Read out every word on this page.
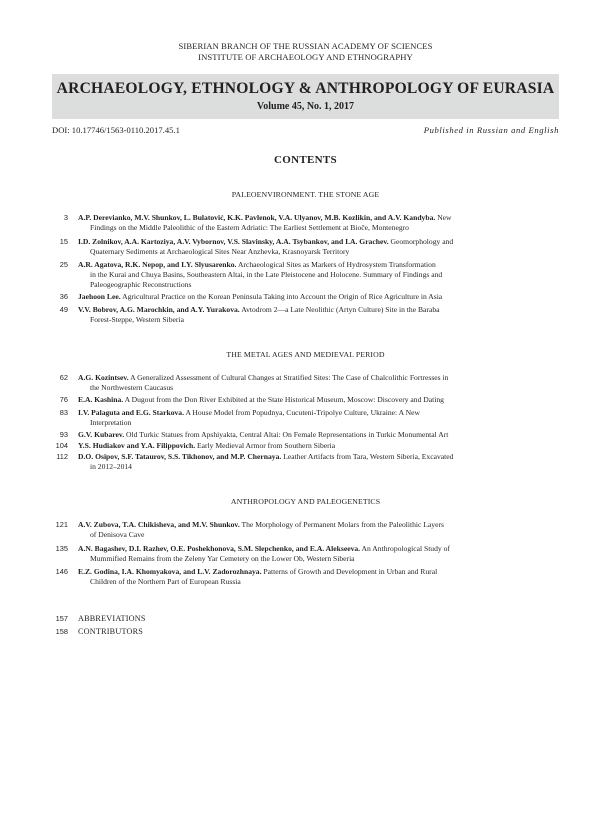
SIBERIAN BRANCH OF THE RUSSIAN ACADEMY OF SCIENCES
INSTITUTE OF ARCHAEOLOGY AND ETHNOGRAPHY
ARCHAEOLOGY, ETHNOLOGY & ANTHROPOLOGY OF EURASIA
Volume 45, No. 1, 2017
DOI: 10.17746/1563-0110.2017.45.1	Published in Russian and English
CONTENTS
PALEOENVIRONMENT. THE STONE AGE
3 A.P. Derevianko, M.V. Shunkov, L. Bulatović, K.K. Pavlenok, V.A. Ulyanov, M.B. Kozlikin, and A.V. Kandyba. New
Findings on the Middle Paleolithic of the Eastern Adriatic: The Earliest Settlement at Bioče, Montenegro
15 I.D. Zolnikov, A.A. Kartoziya, A.V. Vybornov, V.S. Slavinsky, A.A. Tsybankov, and I.A. Grachev. Geomorphology and
Quaternary Sediments at Archaeological Sites Near Anzhevka, Krasnoyarsk Territory
25 A.R. Agatova, R.K. Nepop, and I.Y. Slyusarenko. Archaeological Sites as Markers of Hydrosystem Transformation
in the Kurai and Chuya Basins, Southeastern Altai, in the Late Pleistocene and Holocene. Summary of Findings and
Paleogeographic Reconstructions
36 Jaehoon Lee. Agricultural Practice on the Korean Peninsula Taking into Account the Origin of Rice Agriculture in Asia
49 V.V. Bobrov, A.G. Marochkin, and A.Y. Yurakova. Avtodrom 2—a Late Neolithic (Artyn Culture) Site in the Baraba
Forest-Steppe, Western Siberia
THE METAL AGES AND MEDIEVAL PERIOD
62 A.G. Kozintsev. A Generalized Assessment of Cultural Changes at Stratified Sites: The Case of Chalcolithic Fortresses in
the Northwestern Caucasus
76 E.A. Kashina. A Dugout from the Don River Exhibited at the State Historical Museum, Moscow: Discovery and Dating
83 I.V. Palaguta and E.G. Starkova. A House Model from Popudnya, Cucuteni-Tripolye Culture, Ukraine: A New
Interpretation
93 G.V. Kubarev. Old Turkic Statues from Apshiyakta, Central Altai: On Female Representations in Turkic Monumental Art
104 Y.S. Hudiakov and Y.A. Filippovich. Early Medieval Armor from Southern Siberia
112 D.O. Osipov, S.F. Tataurov, S.S. Tikhonov, and M.P. Chernaya. Leather Artifacts from Tara, Western Siberia, Excavated
in 2012–2014
ANTHROPOLOGY AND PALEOGENETICS
121 A.V. Zubova, T.A. Chikisheva, and M.V. Shunkov. The Morphology of Permanent Molars from the Paleolithic Layers
of Denisova Cave
135 A.N. Bagashev, D.I. Razhev, O.E. Poshekhonova, S.M. Slepchenko, and E.A. Alekseeva. An Anthropological Study of
Mummified Remains from the Zeleny Yar Cemetery on the Lower Ob, Western Siberia
146 E.Z. Godina, I.A. Khomyakova, and L.V. Zadorozhnaya. Patterns of Growth and Development in Urban and Rural
Children of the Northern Part of European Russia
157 ABBREVIATIONS
158 CONTRIBUTORS
